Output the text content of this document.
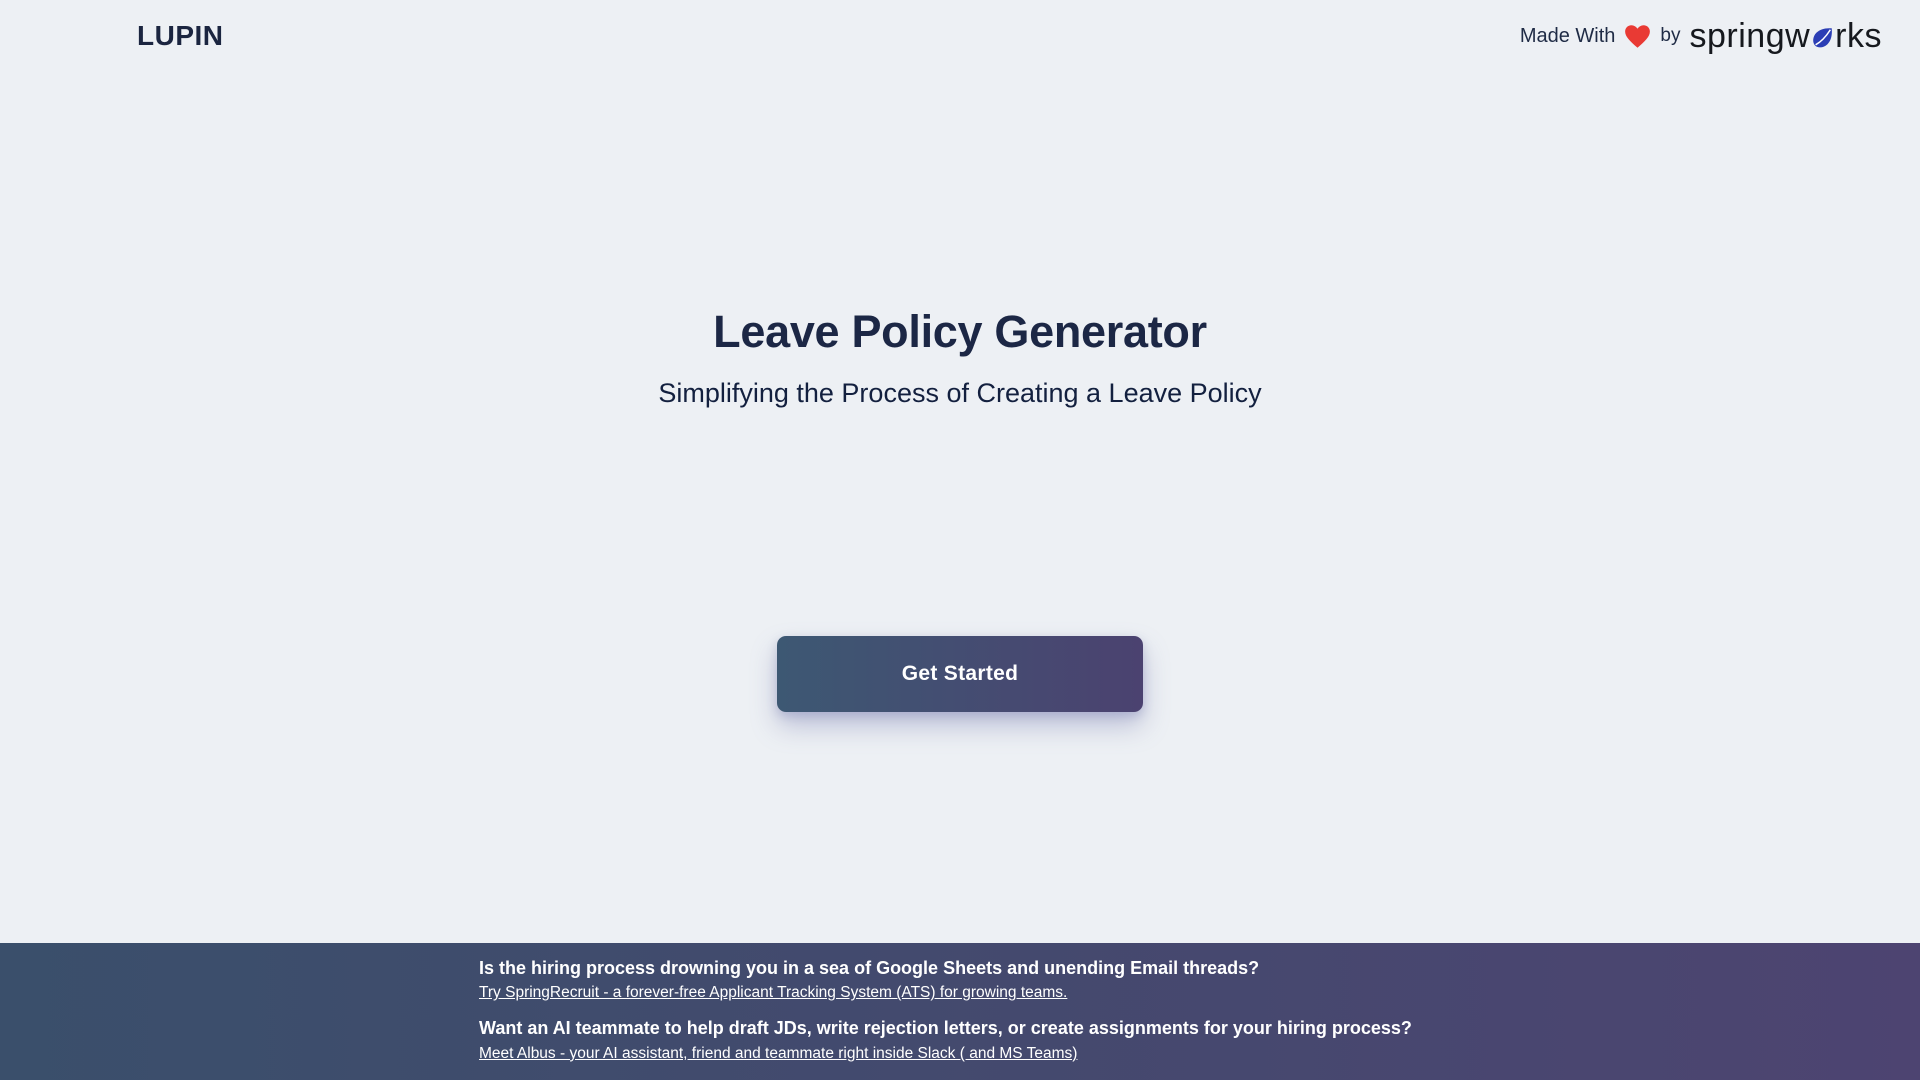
LUPIN	Made With by springw rks
Leave Policy Generator
Simplifying the Process of Creating a Leave Policy
Get Started
Is the hiring process drowning you in a sea of Google Sheets and unending Email threads?
Try SpringRecruit - a forever-free Applicant Tracking System (ATS) for growing teams.
Want an AI teammate to help draft JDs, write rejection letters, or create assignments for your hiring process?
Meet Albus - your AI assistant, friend and teammate right inside Slack ( and MS Teams)
